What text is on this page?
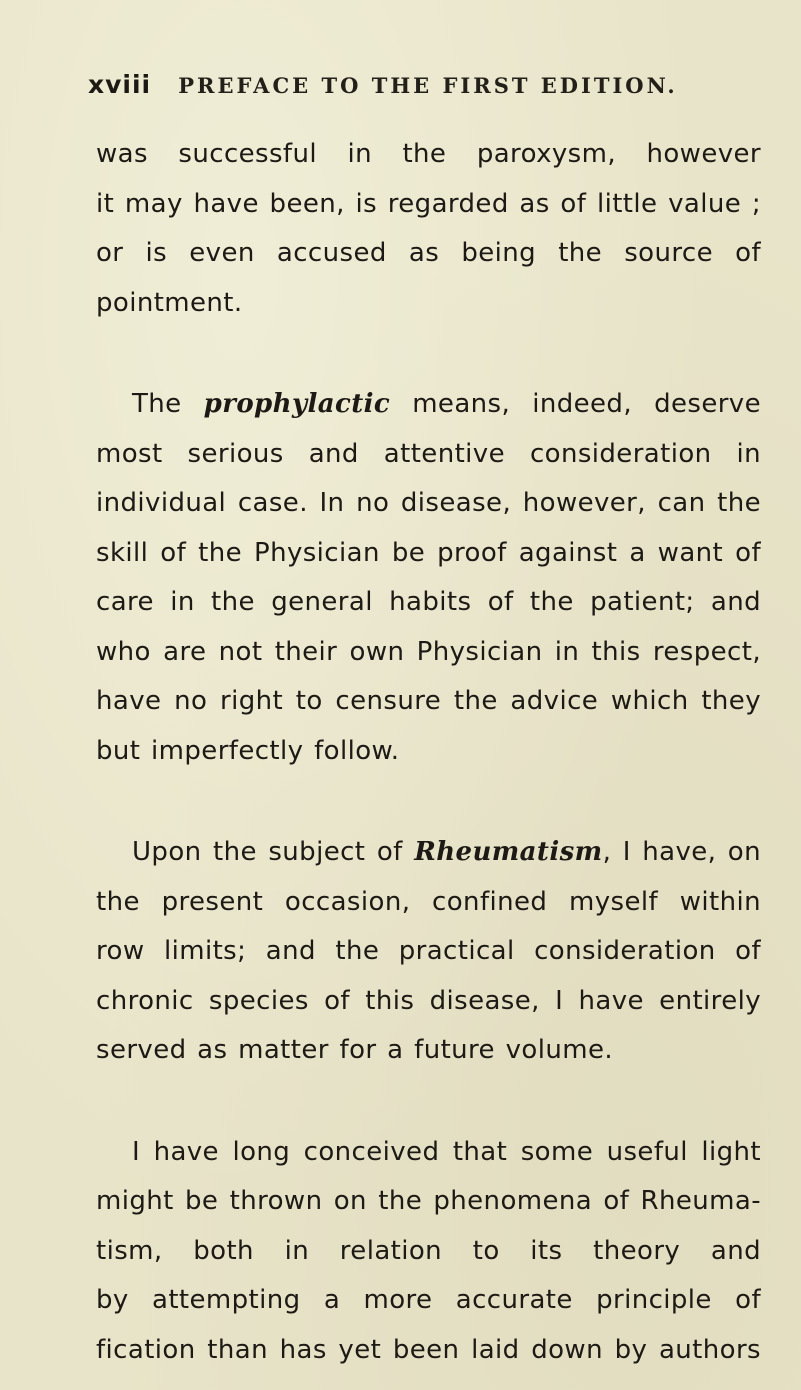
xviii PREFACE TO THE FIRST EDITION.
was successful in the paroxysm, however
it may have been, is regarded as of little value ;
or is even accused as being the source of
pointment.
The prophylactic means, indeed, deserve
most serious and attentive consideration in
individual case. In no disease, however, can the
skill of the Physician be proof against a want of
care in the general habits of the patient; and
who are not their own Physician in this respect,
have no right to censure the advice which they
but imperfectly follow.
Upon the subject of Rheumatism, I have, on
the present occasion, confined myself within
row limits; and the practical consideration of
chronic species of this disease, I have entirely
served as matter for a future volume.
I have long conceived that some useful light
might be thrown on the phenomena of Rheuma-
tism, both in relation to its theory and
by attempting a more accurate principle of
fication than has yet been laid down by authors
